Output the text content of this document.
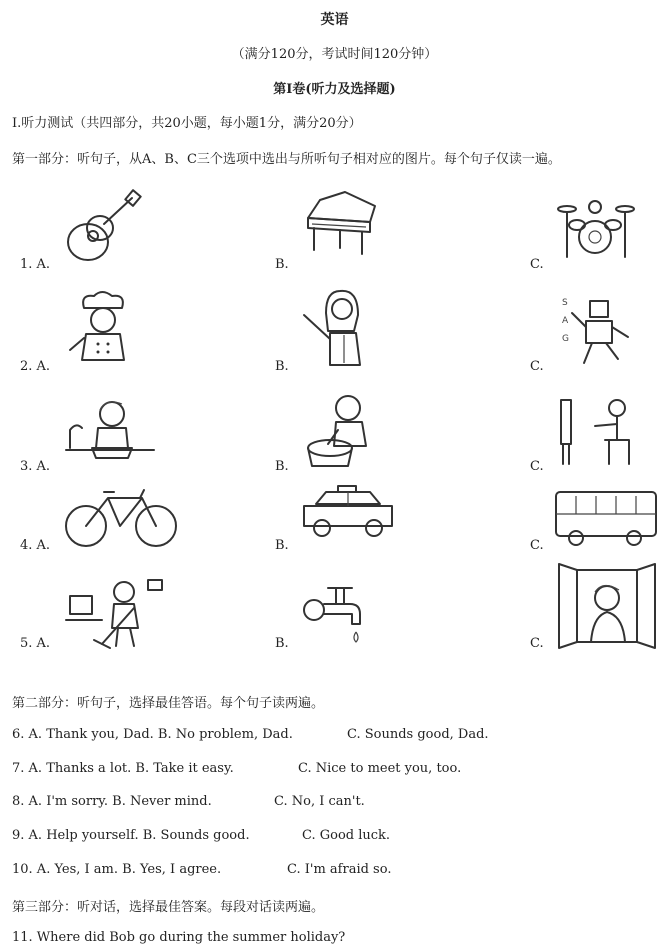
英语
（满分120分，考试时间120分钟）
第Ⅰ卷(听力及选择题)
Ⅰ.听力测试（共四部分，共20小题，每小题1分，满分20分）
第一部分：听句子，从A、B、C三个选项中选出与所听句子相对应的图片。每个句子仅读一遍。
1. A.	B.	C.
2. A.	B.	C.
S
A
G
3. A.	B.	C.
4. A.	B.	C.
5. A.	B.	C.
第二部分：听句子，选择最佳答语。每个句子读两遍。
6. A. Thank you, Dad. B. No problem, Dad.	C. Sounds good, Dad.
7. A. Thanks a lot. B. Take it easy.	C. Nice to meet you, too.
8. A. I'm sorry. B. Never mind.	C. No, I can't.
9. A. Help yourself. B. Sounds good.	C. Good luck.
10. A. Yes, I am. B. Yes, I agree.	C. I'm afraid so.
第三部分：听对话，选择最佳答案。每段对话读两遍。
11. Where did Bob go during the summer holiday?
